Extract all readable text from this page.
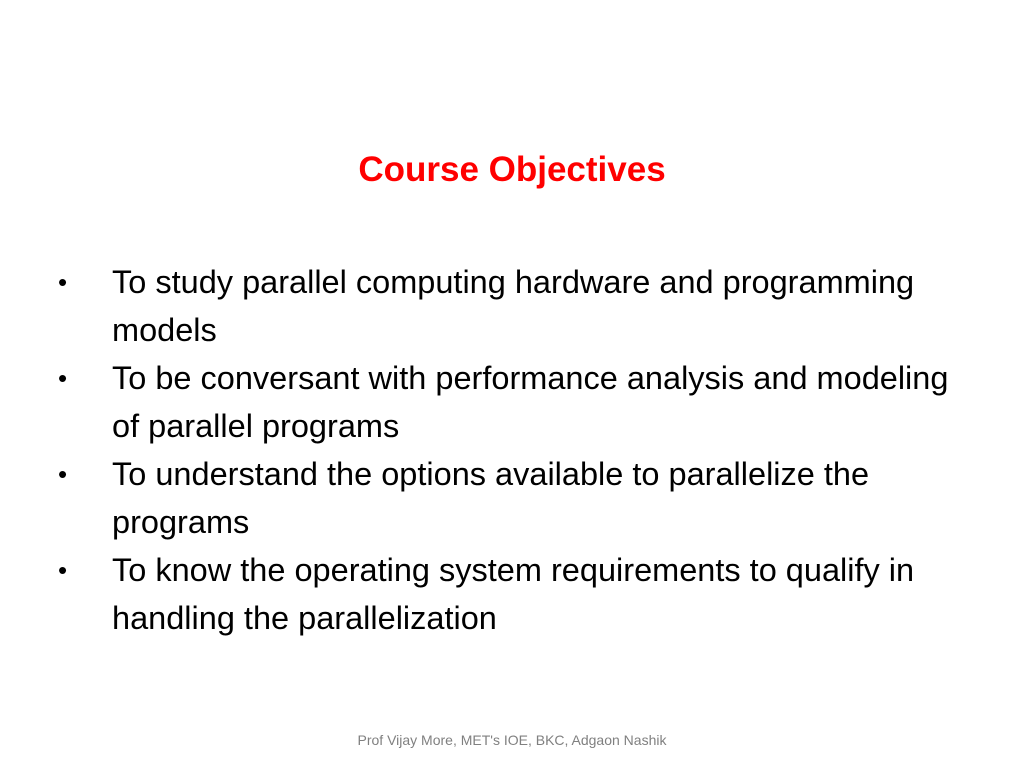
Course Objectives
• To study parallel computing hardware and programming models
• To be conversant with performance analysis and modeling of parallel programs
• To understand the options available to parallelize the programs
• To know the operating system requirements to qualify in handling the parallelization
Prof Vijay More, MET's IOE, BKC, Adgaon Nashik
